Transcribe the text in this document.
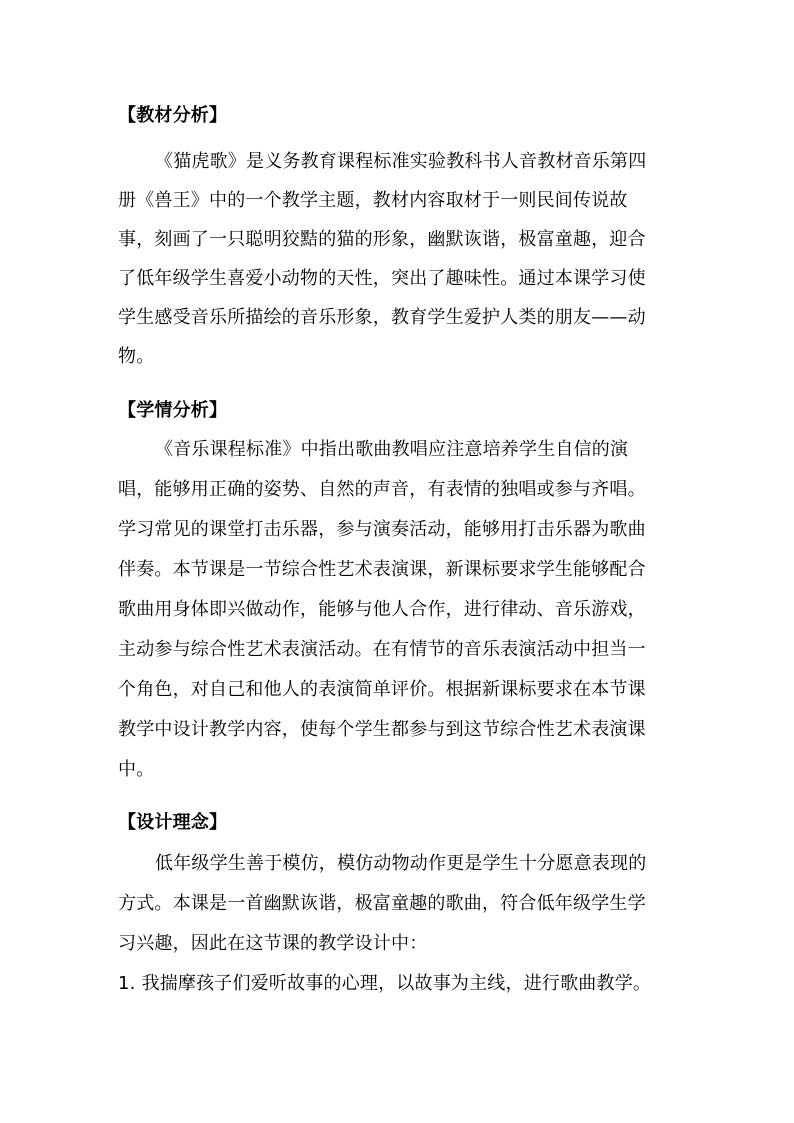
【教材分析】
《猫虎歌》是义务教育课程标准实验教科书人音教材音乐第四
册《兽王》中的一个教学主题，教材内容取材于一则民间传说故
事，刻画了一只聪明狡黠的猫的形象，幽默诙谐，极富童趣，迎合
了低年级学生喜爱小动物的天性，突出了趣味性。通过本课学习使
学生感受音乐所描绘的音乐形象，教育学生爱护人类的朋友——动
物。
【学情分析】
《音乐课程标准》中指出歌曲教唱应注意培养学生自信的演
唱，能够用正确的姿势、自然的声音，有表情的独唱或参与齐唱。
学习常见的课堂打击乐器，参与演奏活动，能够用打击乐器为歌曲
伴奏。本节课是一节综合性艺术表演课，新课标要求学生能够配合
歌曲用身体即兴做动作，能够与他人合作，进行律动、音乐游戏，
主动参与综合性艺术表演活动。在有情节的音乐表演活动中担当一
个角色，对自己和他人的表演简单评价。根据新课标要求在本节课
教学中设计教学内容，使每个学生都参与到这节综合性艺术表演课
中。
【设计理念】
低年级学生善于模仿，模仿动物动作更是学生十分愿意表现的
方式。本课是一首幽默诙谐，极富童趣的歌曲，符合低年级学生学
习兴趣，因此在这节课的教学设计中：
1. 我揣摩孩子们爱听故事的心理，以故事为主线，进行歌曲教学。
